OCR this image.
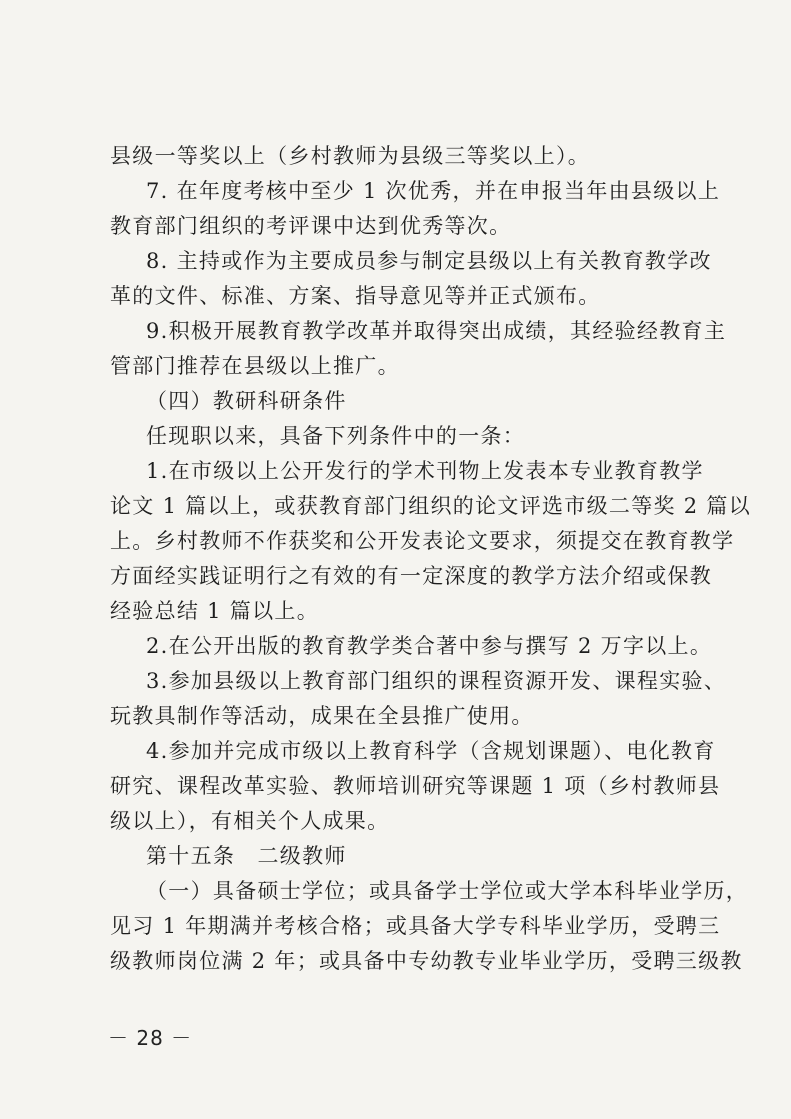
县级一等奖以上（乡村教师为县级三等奖以上）。
7. 在年度考核中至少 1 次优秀，并在申报当年由县级以上
教育部门组织的考评课中达到优秀等次。
8. 主持或作为主要成员参与制定县级以上有关教育教学改
革的文件、标准、方案、指导意见等并正式颁布。
9.积极开展教育教学改革并取得突出成绩，其经验经教育主
管部门推荐在县级以上推广。
（四）教研科研条件
任现职以来，具备下列条件中的一条：
1.在市级以上公开发行的学术刊物上发表本专业教育教学
论文 1 篇以上，或获教育部门组织的论文评选市级二等奖 2 篇以
上。乡村教师不作获奖和公开发表论文要求，须提交在教育教学
方面经实践证明行之有效的有一定深度的教学方法介绍或保教
经验总结 1 篇以上。
2.在公开出版的教育教学类合著中参与撰写 2 万字以上。
3.参加县级以上教育部门组织的课程资源开发、课程实验、
玩教具制作等活动，成果在全县推广使用。
4.参加并完成市级以上教育科学（含规划课题）、电化教育
研究、课程改革实验、教师培训研究等课题 1 项（乡村教师县
级以上），有相关个人成果。
第十五条　二级教师
（一）具备硕士学位；或具备学士学位或大学本科毕业学历，
见习 1 年期满并考核合格；或具备大学专科毕业学历，受聘三
级教师岗位满 2 年；或具备中专幼教专业毕业学历，受聘三级教
－ 28 －
